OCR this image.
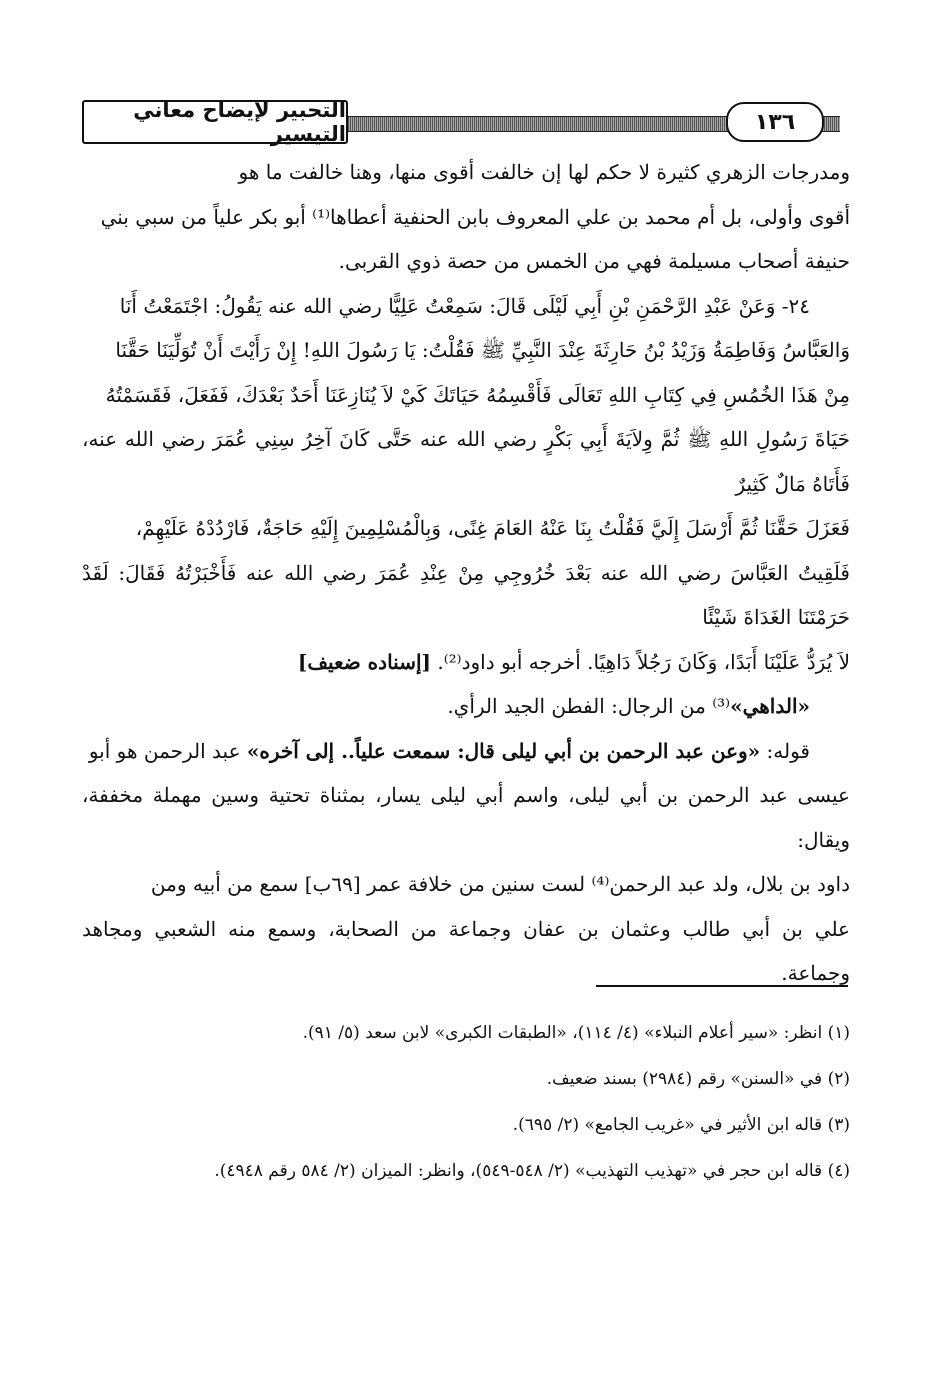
التحبير لإيضاح معاني التيسير	١٣٦

ومدرجات الزهري كثيرة لا حكم لها إن خالفت أقوى منها، وهنا خالفت ما هو

أقوى وأولى، بل أم محمد بن علي المعروف بابن الحنفية أعطاها⁽¹⁾ أبو بكر علياً من سبي بني

حنيفة أصحاب مسيلمة فهي من الخمس من حصة ذوي القربى.

٢٤- وَعَنْ عَبْدِ الرَّحْمَنِ بْنِ أَبِي لَيْلَى قَالَ: سَمِعْتُ عَلِيًّا رضي الله عنه يَقُولُ: اجْتَمَعْتُ أَنَا

وَالعَبَّاسُ وَفَاطِمَةُ وَزَيْدُ بْنُ حَارِثَةَ عِنْدَ النَّبِيِّ ﷺ فَقُلْتُ: يَا رَسُولَ اللهِ! إِنْ رَأَيْتَ أَنْ تُوَلِّيَنَا حَقَّنَا

مِنْ هَذَا الخُمُسِ فِي كِتَابِ اللهِ تَعَالَى فَأَقْسِمُهُ حَيَاتَكَ كَيْ لاَ يُنَازِعَنَا أَحَدٌ بَعْدَكَ، فَفَعَلَ، فَقَسَمْتُهُ

حَيَاةَ رَسُولِ اللهِ ﷺ ثُمَّ وِلاَيَةَ أَبِي بَكْرٍ رضي الله عنه حَتَّى كَانَ آخِرُ سِنِي عُمَرَ رضي الله عنه، فَأَتَاهُ مَالٌ كَثِيرٌ

فَعَزَلَ حَقَّنَا ثُمَّ أَرْسَلَ إِلَيَّ فَقُلْتُ بِنَا عَنْهُ العَامَ غِنًى، وَبِالْمُسْلِمِينَ إِلَيْهِ حَاجَةٌ، فَارْدُدْهُ عَلَيْهِمْ،

فَلَقِيتُ العَبَّاسَ رضي الله عنه بَعْدَ خُرُوجِي مِنْ عِنْدِ عُمَرَ رضي الله عنه فَأَخْبَرْتُهُ فَقَالَ: لَقَدْ حَرَمْتَنَا الغَدَاةَ شَيْئًا

لاَ يُرَدُّ عَلَيْنَا أَبَدًا، وَكَانَ رَجُلاً دَاهِيًا. أخرجه أبو داود⁽²⁾. [إسناده ضعيف]

«الداهي»⁽³⁾ من الرجال: الفطن الجيد الرأي.

قوله: «وعن عبد الرحمن بن أبي ليلى قال: سمعت علياً.. إلى آخره» عبد الرحمن هو أبو

عيسى عبد الرحمن بن أبي ليلى، واسم أبي ليلى يسار، بمثناة تحتية وسين مهملة مخففة، ويقال:

داود بن بلال، ولد عبد الرحمن⁽⁴⁾ لست سنين من خلافة عمر [٦٩ب] سمع من أبيه ومن

علي بن أبي طالب وعثمان بن عفان وجماعة من الصحابة، وسمع منه الشعبي ومجاهد وجماعة.

(١) انظر: «سير أعلام النبلاء» (٤/ ١١٤)، «الطبقات الكبرى» لابن سعد (٥/ ٩١).

(٢) في «السنن» رقم (٢٩٨٤) بسند ضعيف.

(٣) قاله ابن الأثير في «غريب الجامع» (٢/ ٦٩٥).

(٤) قاله ابن حجر في «تهذيب التهذيب» (٢/ ٥٤٨-٥٤٩)، وانظر: الميزان (٢/ ٥٨٤ رقم ٤٩٤٨).
